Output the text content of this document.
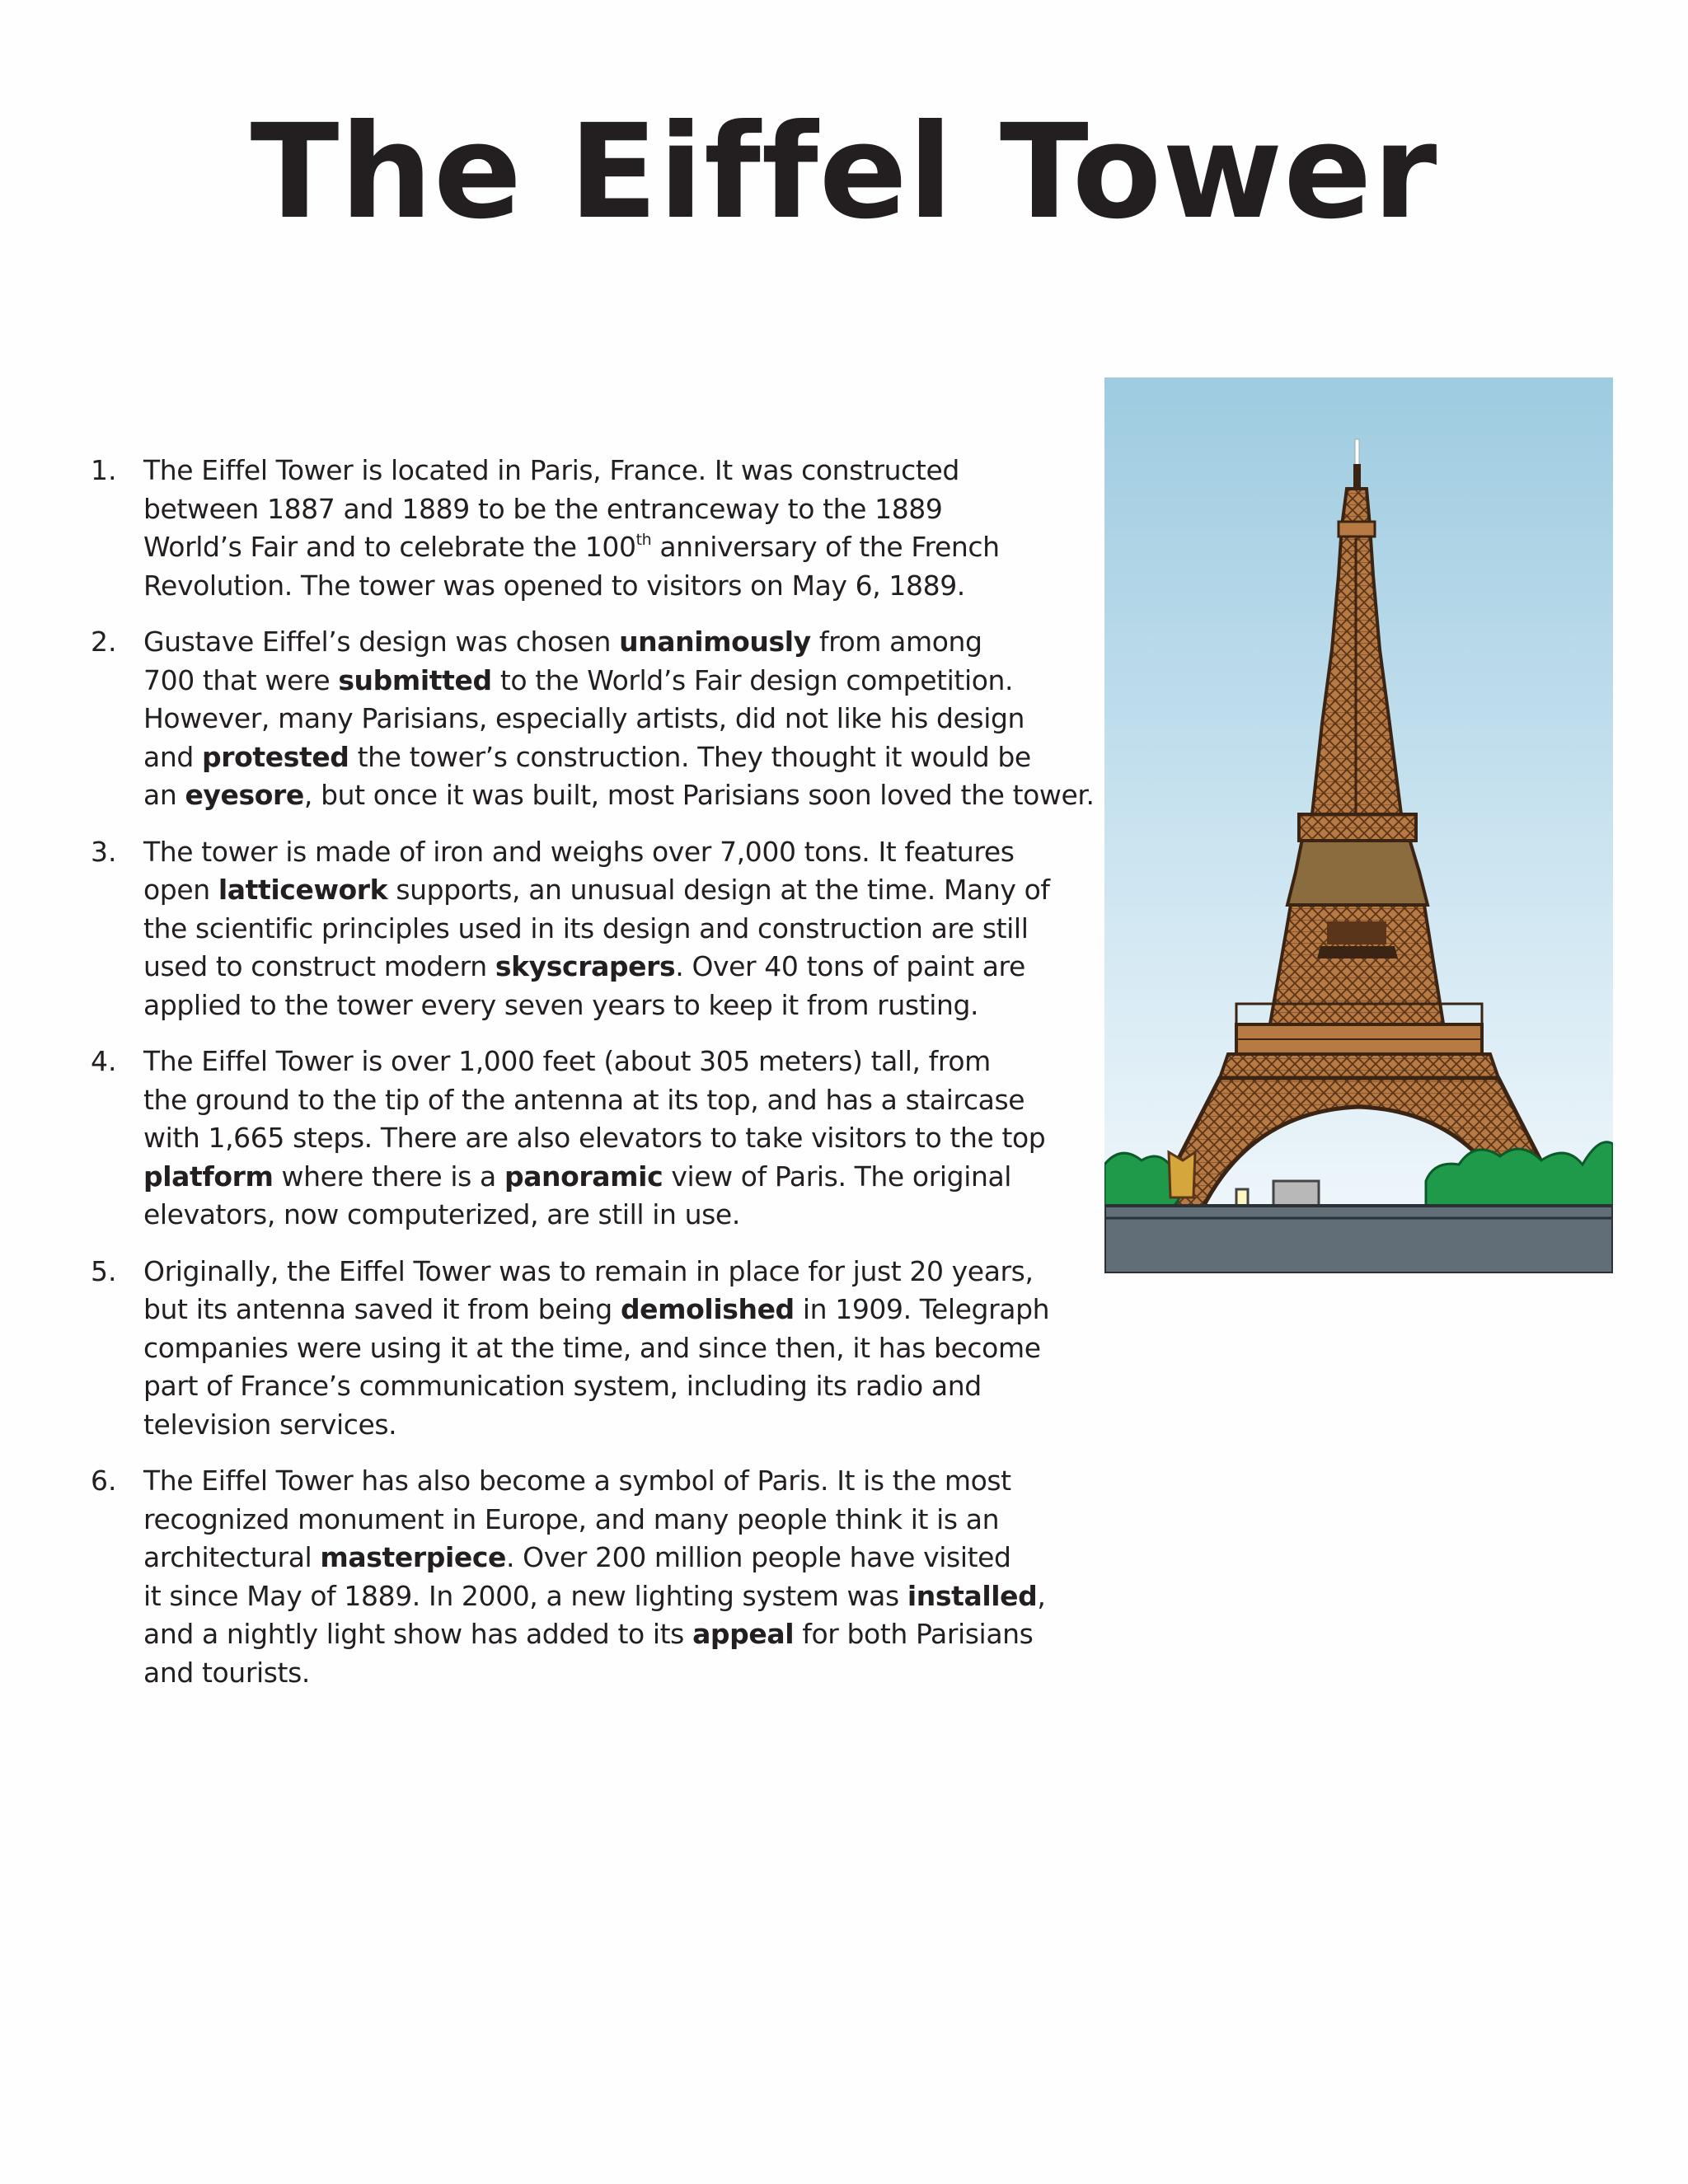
The Eiffel Tower
1. The Eiffel Tower is located in Paris, France. It was constructed
between 1887 and 1889 to be the entranceway to the 1889
World’s Fair and to celebrate the 100th anniversary of the French
Revolution. The tower was opened to visitors on May 6, 1889.
2. Gustave Eiffel’s design was chosen unanimously from among
700 that were submitted to the World’s Fair design competition.
However, many Parisians, especially artists, did not like his design
and protested the tower’s construction. They thought it would be
an eyesore, but once it was built, most Parisians soon loved the tower.
3. The tower is made of iron and weighs over 7,000 tons. It features
open latticework supports, an unusual design at the time. Many of
the scientific principles used in its design and construction are still
used to construct modern skyscrapers. Over 40 tons of paint are
applied to the tower every seven years to keep it from rusting.
4. The Eiffel Tower is over 1,000 feet (about 305 meters) tall, from
the ground to the tip of the antenna at its top, and has a staircase
with 1,665 steps. There are also elevators to take visitors to the top
platform where there is a panoramic view of Paris. The original
elevators, now computerized, are still in use.
5. Originally, the Eiffel Tower was to remain in place for just 20 years,
but its antenna saved it from being demolished in 1909. Telegraph
companies were using it at the time, and since then, it has become
part of France’s communication system, including its radio and
television services.
6. The Eiffel Tower has also become a symbol of Paris. It is the most
recognized monument in Europe, and many people think it is an
architectural masterpiece. Over 200 million people have visited
it since May of 1889. In 2000, a new lighting system was installed,
and a nightly light show has added to its appeal for both Parisians
and tourists.
